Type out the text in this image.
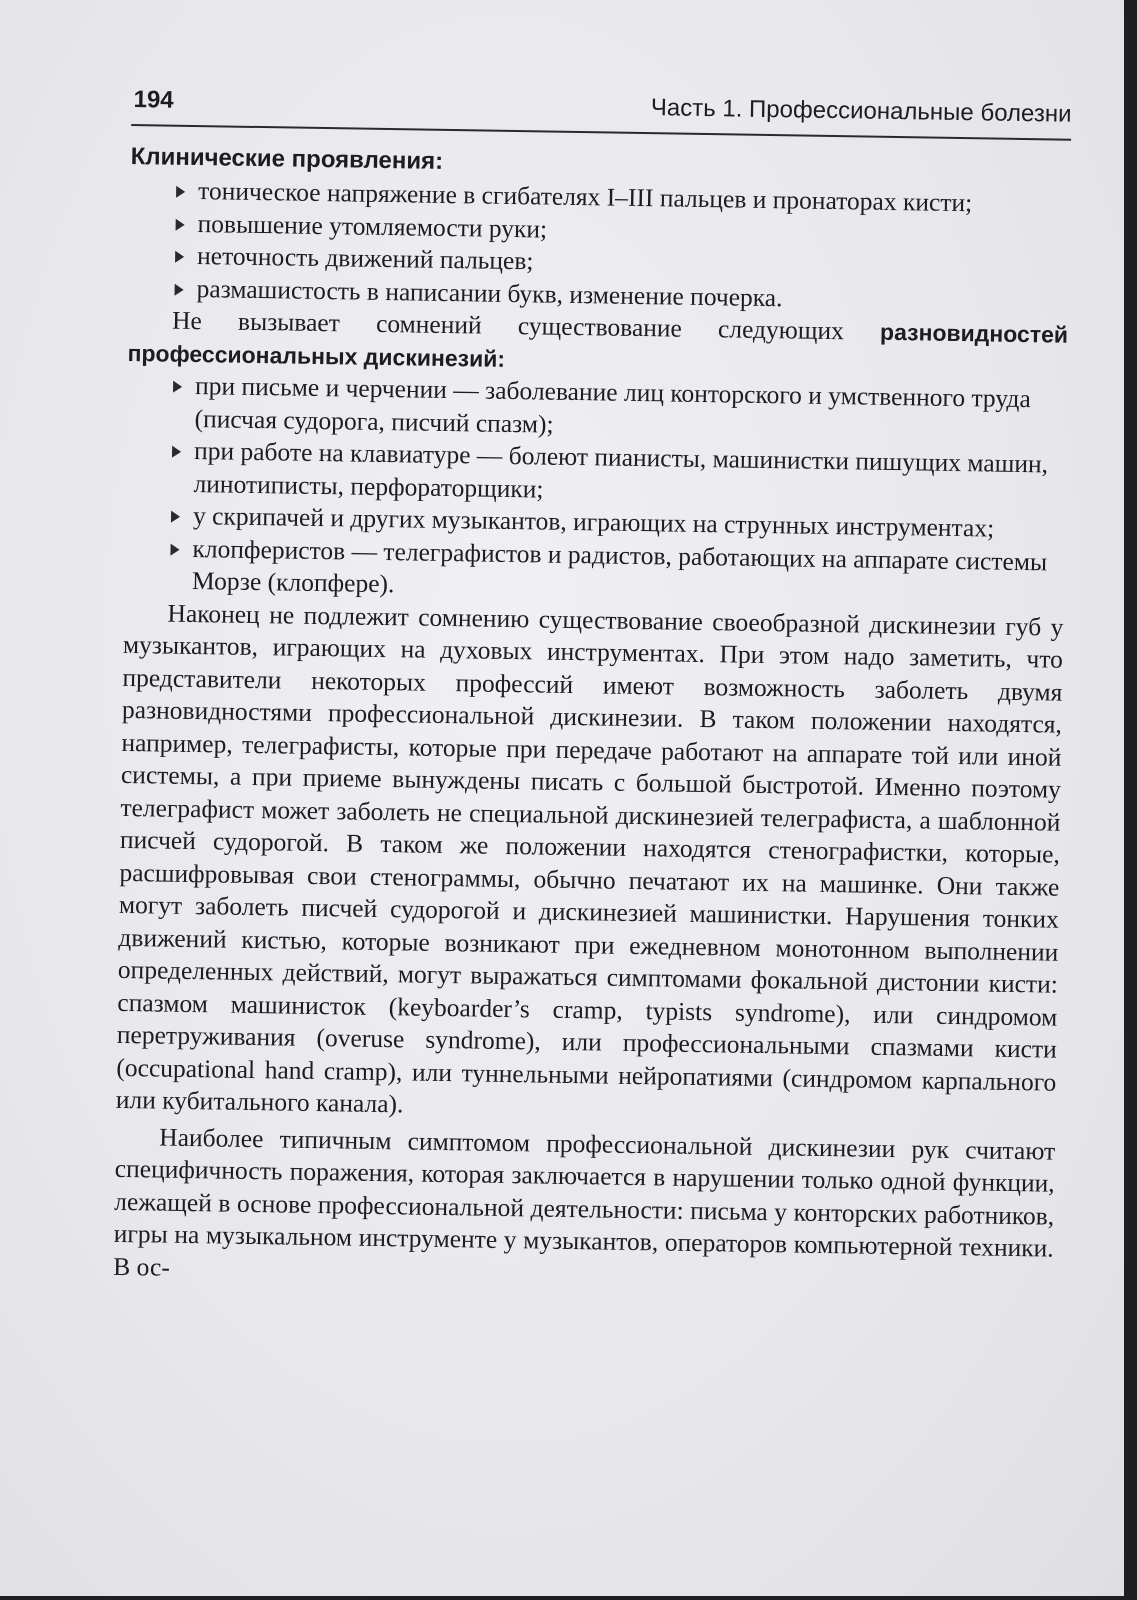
194	Часть 1. Профессиональные болезни
Клинические проявления:
тоническое напряжение в сгибателях I–III пальцев и пронаторах кисти;
повышение утомляемости руки;
неточность движений пальцев;
размашистость в написании букв, изменение почерка.

Не вызывает сомнений существование следующих разновидностей профессиональных дискинезий:

при письме и черчении — заболевание лиц конторского и умственного труда (писчая судорога, писчий спазм);
при работе на клавиатуре — болеют пианисты, машинистки пишущих машин, линотиписты, перфораторщики;
у скрипачей и других музыкантов, играющих на струнных инструментах;
клопферистов — телеграфистов и радистов, работающих на аппарате системы Морзе (клопфере).

Наконец не подлежит сомнению существование своеобразной дискинезии губ у музыкантов, играющих на духовых инструментах. При этом надо заметить, что представители некоторых профессий имеют возможность заболеть двумя разновидностями профессиональной дискинезии. В таком положении находятся, например, телеграфисты, которые при передаче работают на аппарате той или иной системы, а при приеме вынуждены писать с большой быстротой. Именно поэтому телеграфист может заболеть не специальной дискинезией телеграфиста, а шаблонной писчей судорогой. В таком же положении находятся стенографистки, которые, расшифровывая свои стенограммы, обычно печатают их на машинке. Они также могут заболеть писчей судорогой и дискинезией машинистки. Нарушения тонких движений кистью, которые возникают при ежедневном монотонном выполнении определенных действий, могут выражаться симптомами фокальной дистонии кисти: спазмом машинисток (keyboarder’s cramp, typists syndrome), или синдромом перетруживания (overuse syndrome), или профессиональными спазмами кисти (occupational hand cramp), или туннельными нейропатиями (синдромом карпального или кубитального канала).

Наиболее типичным симптомом профессиональной дискинезии рук считают специфичность поражения, которая заключается в нарушении только одной функции, лежащей в основе профессиональной деятельности: письма у конторских работников, игры на музыкальном инструменте у музыкантов, операторов компьютерной техники. В ос-
